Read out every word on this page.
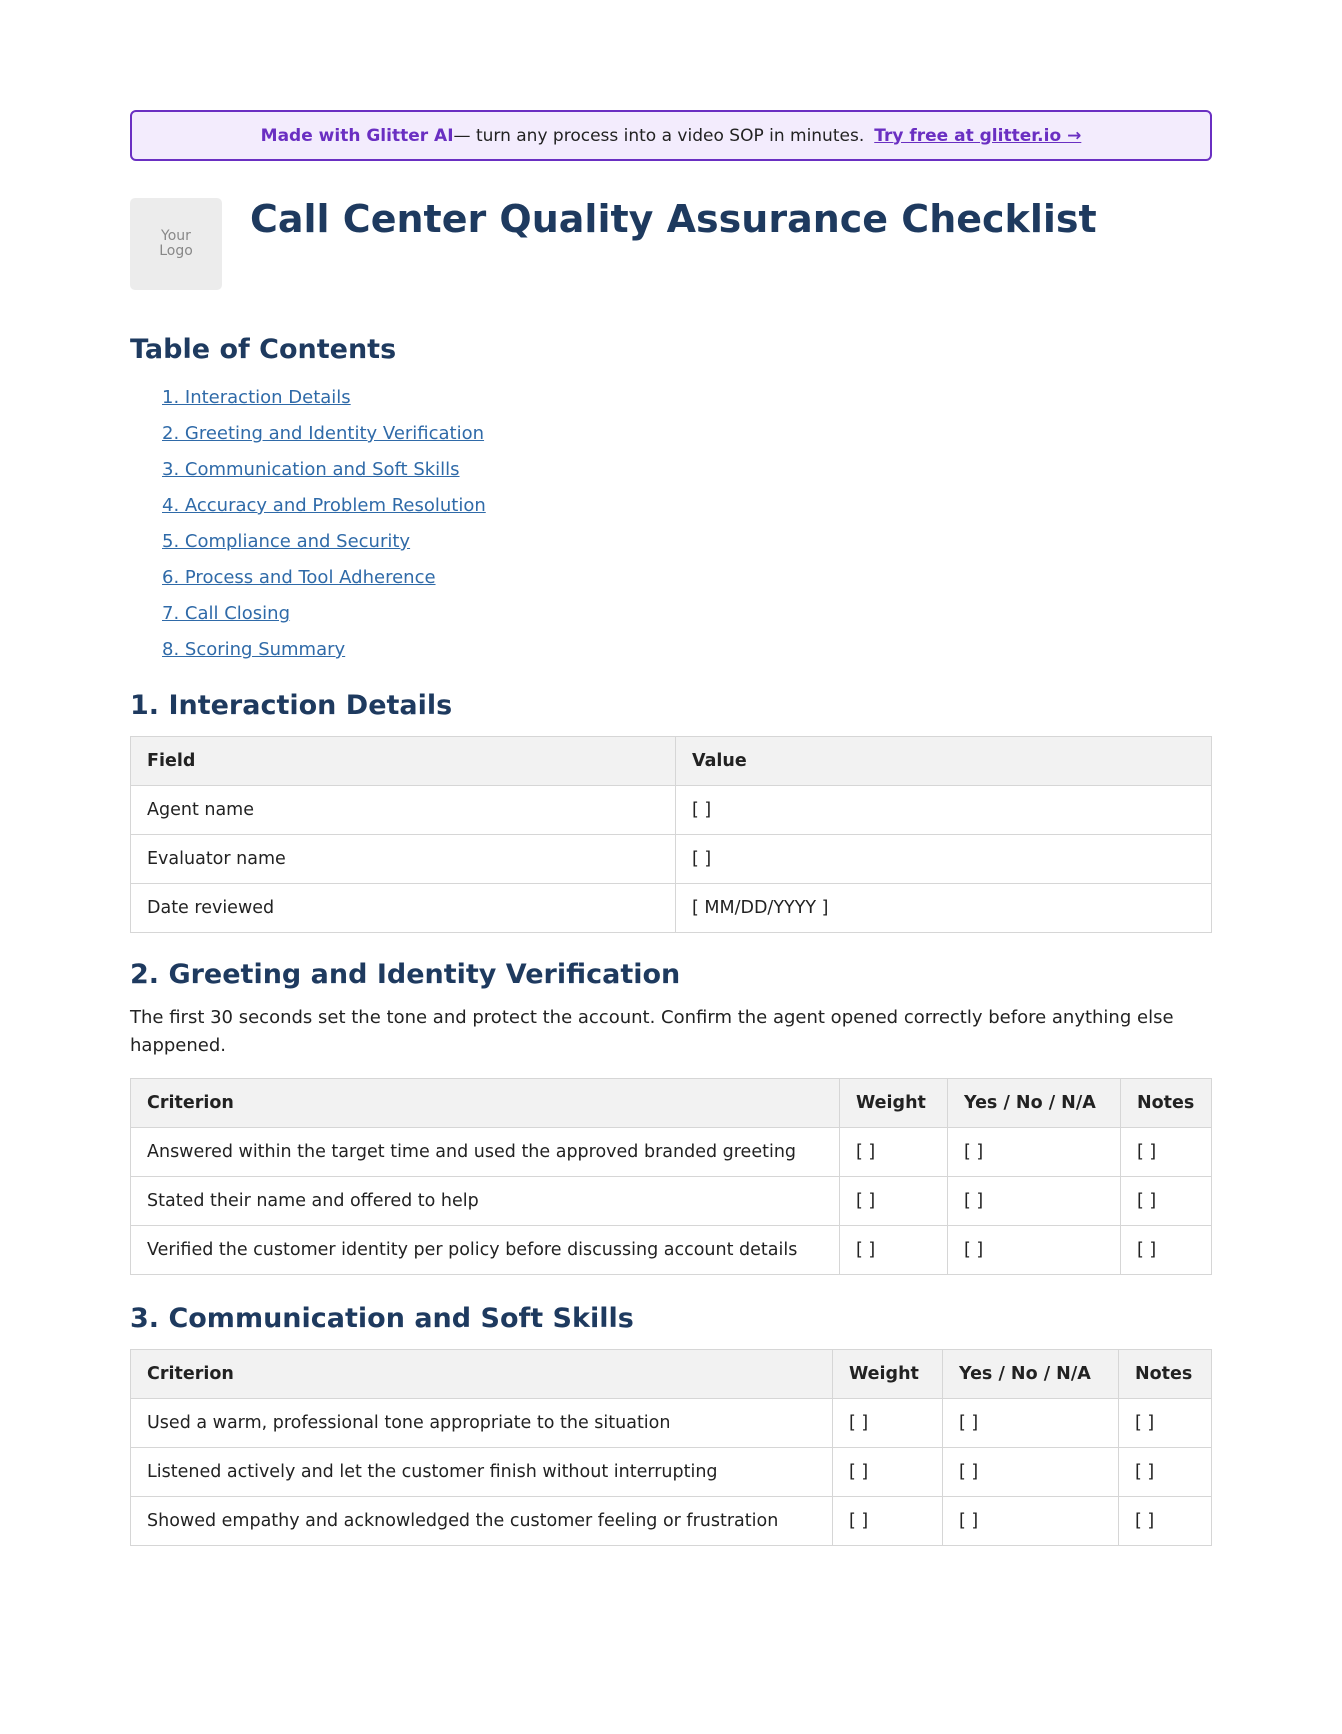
Made with Glitter AI — turn any process into a video SOP in minutes. Try free at glitter.io →
Your
Logo
Call Center Quality Assurance Checklist
Table of Contents
1. Interaction Details
2. Greeting and Identity Verification
3. Communication and Soft Skills
4. Accuracy and Problem Resolution
5. Compliance and Security
6. Process and Tool Adherence
7. Call Closing
8. Scoring Summary
1. Interaction Details
Field	Value
Agent name	[ ]
Evaluator name	[ ]
Date reviewed	[ MM/DD/YYYY ]
2. Greeting and Identity Verification

The first 30 seconds set the tone and protect the account. Confirm the agent opened correctly before anything else happened.

Criterion	Weight	Yes / No / N/A	Notes
Answered within the target time and used the approved branded greeting	[ ]	[ ]	[ ]
Stated their name and offered to help	[ ]	[ ]	[ ]
Verified the customer identity per policy before discussing account details	[ ]	[ ]	[ ]
3. Communication and Soft Skills
Criterion	Weight	Yes / No / N/A	Notes
Used a warm, professional tone appropriate to the situation	[ ]	[ ]	[ ]
Listened actively and let the customer finish without interrupting	[ ]	[ ]	[ ]
Showed empathy and acknowledged the customer feeling or frustration	[ ]	[ ]	[ ]
